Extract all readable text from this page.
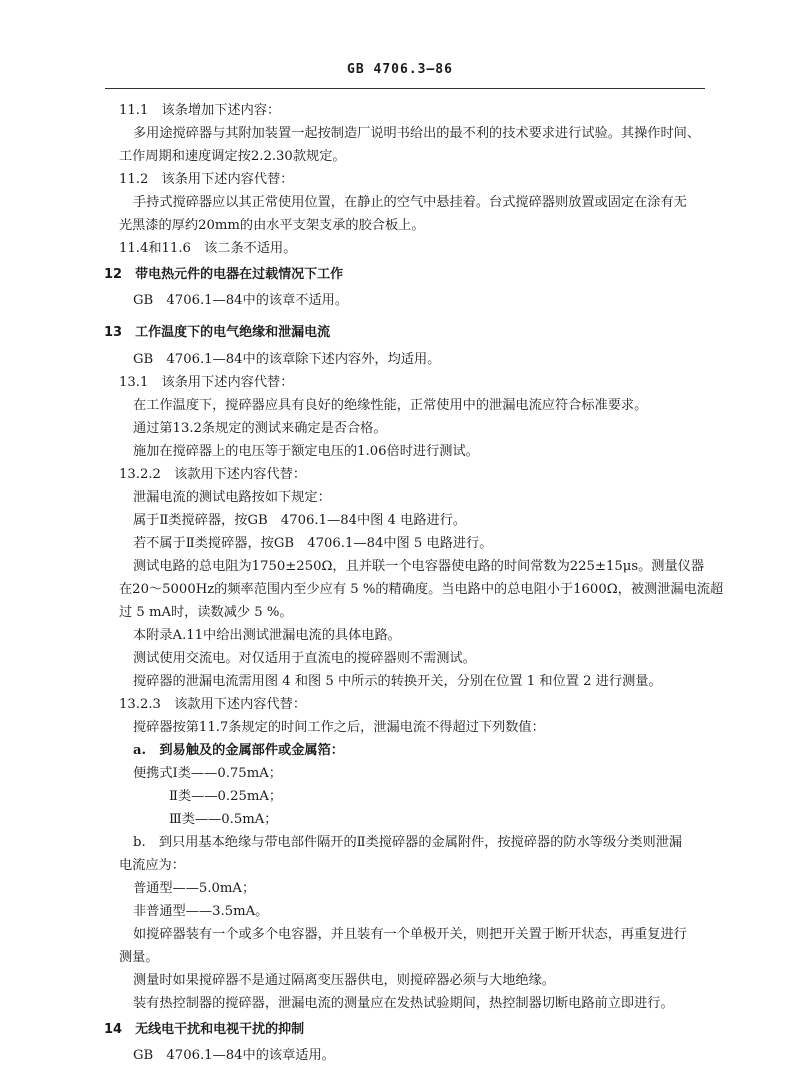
GB 4706.3—86
11.1　该条增加下述内容：
多用途搅碎器与其附加装置一起按制造厂说明书给出的最不利的技术要求进行试验。其操作时间、
工作周期和速度调定按2.2.30款规定。
11.2　该条用下述内容代替：
手持式搅碎器应以其正常使用位置，在静止的空气中悬挂着。台式搅碎器则放置或固定在涂有无
光黑漆的厚约20mm的由水平支架支承的胶合板上。
11.4和11.6　该二条不适用。
12　带电热元件的电器在过载情况下工作
GB　4706.1—84中的该章不适用。
13　工作温度下的电气绝缘和泄漏电流
GB　4706.1—84中的该章除下述内容外，均适用。
13.1　该条用下述内容代替：
在工作温度下，搅碎器应具有良好的绝缘性能，正常使用中的泄漏电流应符合标准要求。
通过第13.2条规定的测试来确定是否合格。
施加在搅碎器上的电压等于额定电压的1.06倍时进行测试。
13.2.2　该款用下述内容代替：
泄漏电流的测试电路按如下规定：
属于Ⅱ类搅碎器，按GB　4706.1—84中图 4 电路进行。
若不属于Ⅱ类搅碎器，按GB　4706.1—84中图 5 电路进行。
测试电路的总电阻为1750±250Ω，且并联一个电容器使电路的时间常数为225±15μs。测量仪器
在20～5000Hz的频率范围内至少应有 5 %的精确度。当电路中的总电阻小于1600Ω，被测泄漏电流超
过 5 mA时，读数减少 5 %。
本附录A.11中给出测试泄漏电流的具体电路。
测试使用交流电。对仅适用于直流电的搅碎器则不需测试。
搅碎器的泄漏电流需用图 4 和图 5 中所示的转换开关，分别在位置 1 和位置 2 进行测量。
13.2.3　该款用下述内容代替：
搅碎器按第11.7条规定的时间工作之后，泄漏电流不得超过下列数值：
a.　到易触及的金属部件或金属箔：
便携式Ⅰ类——0.75mA；
Ⅱ类——0.25mA；
Ⅲ类——0.5mA；
b.　到只用基本绝缘与带电部件隔开的Ⅱ类搅碎器的金属附件，按搅碎器的防水等级分类则泄漏
电流应为：
普通型——5.0mA；
非普通型——3.5mA。
如搅碎器装有一个或多个电容器，并且装有一个单极开关，则把开关置于断开状态，再重复进行
测量。
测量时如果搅碎器不是通过隔离变压器供电，则搅碎器必须与大地绝缘。
装有热控制器的搅碎器，泄漏电流的测量应在发热试验期间，热控制器切断电路前立即进行。
14　无线电干扰和电视干扰的抑制
GB　4706.1—84中的该章适用。
